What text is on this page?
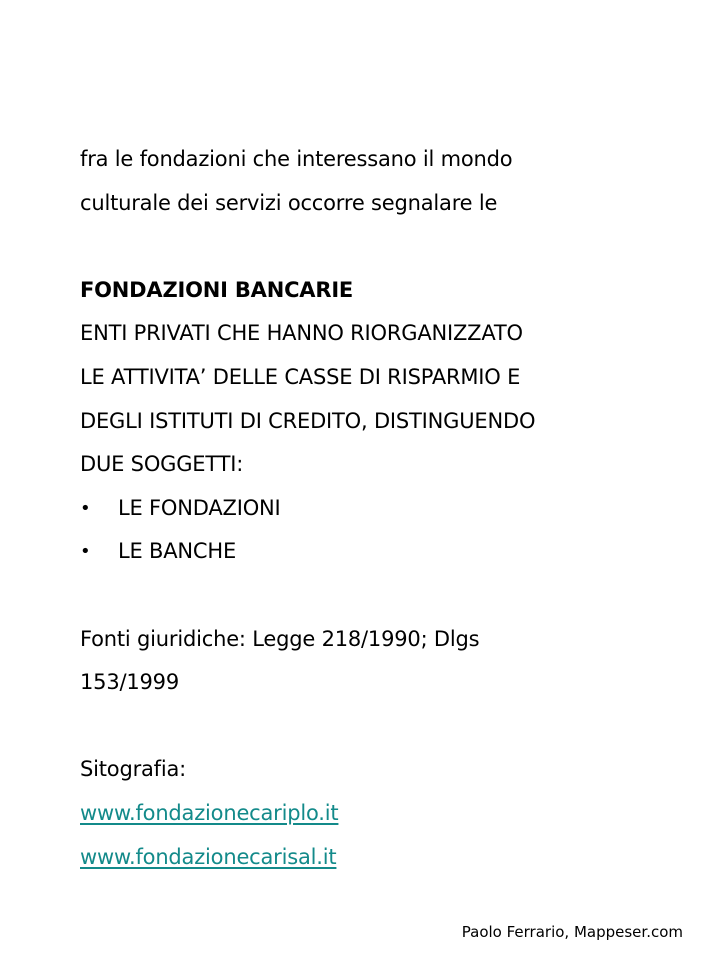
fra le fondazioni che interessano il mondo
culturale dei servizi occorre segnalare le
FONDAZIONI BANCARIE
ENTI PRIVATI CHE HANNO RIORGANIZZATO
LE ATTIVITA’ DELLE CASSE DI RISPARMIO E
DEGLI ISTITUTI DI CREDITO, DISTINGUENDO
DUE SOGGETTI:
•	LE FONDAZIONI
•	LE BANCHE
Fonti giuridiche: Legge 218/1990; Dlgs
153/1999
Sitografia:
www.fondazionecariplo.it
www.fondazionecarisal.it
Paolo Ferrario, Mappeser.com
